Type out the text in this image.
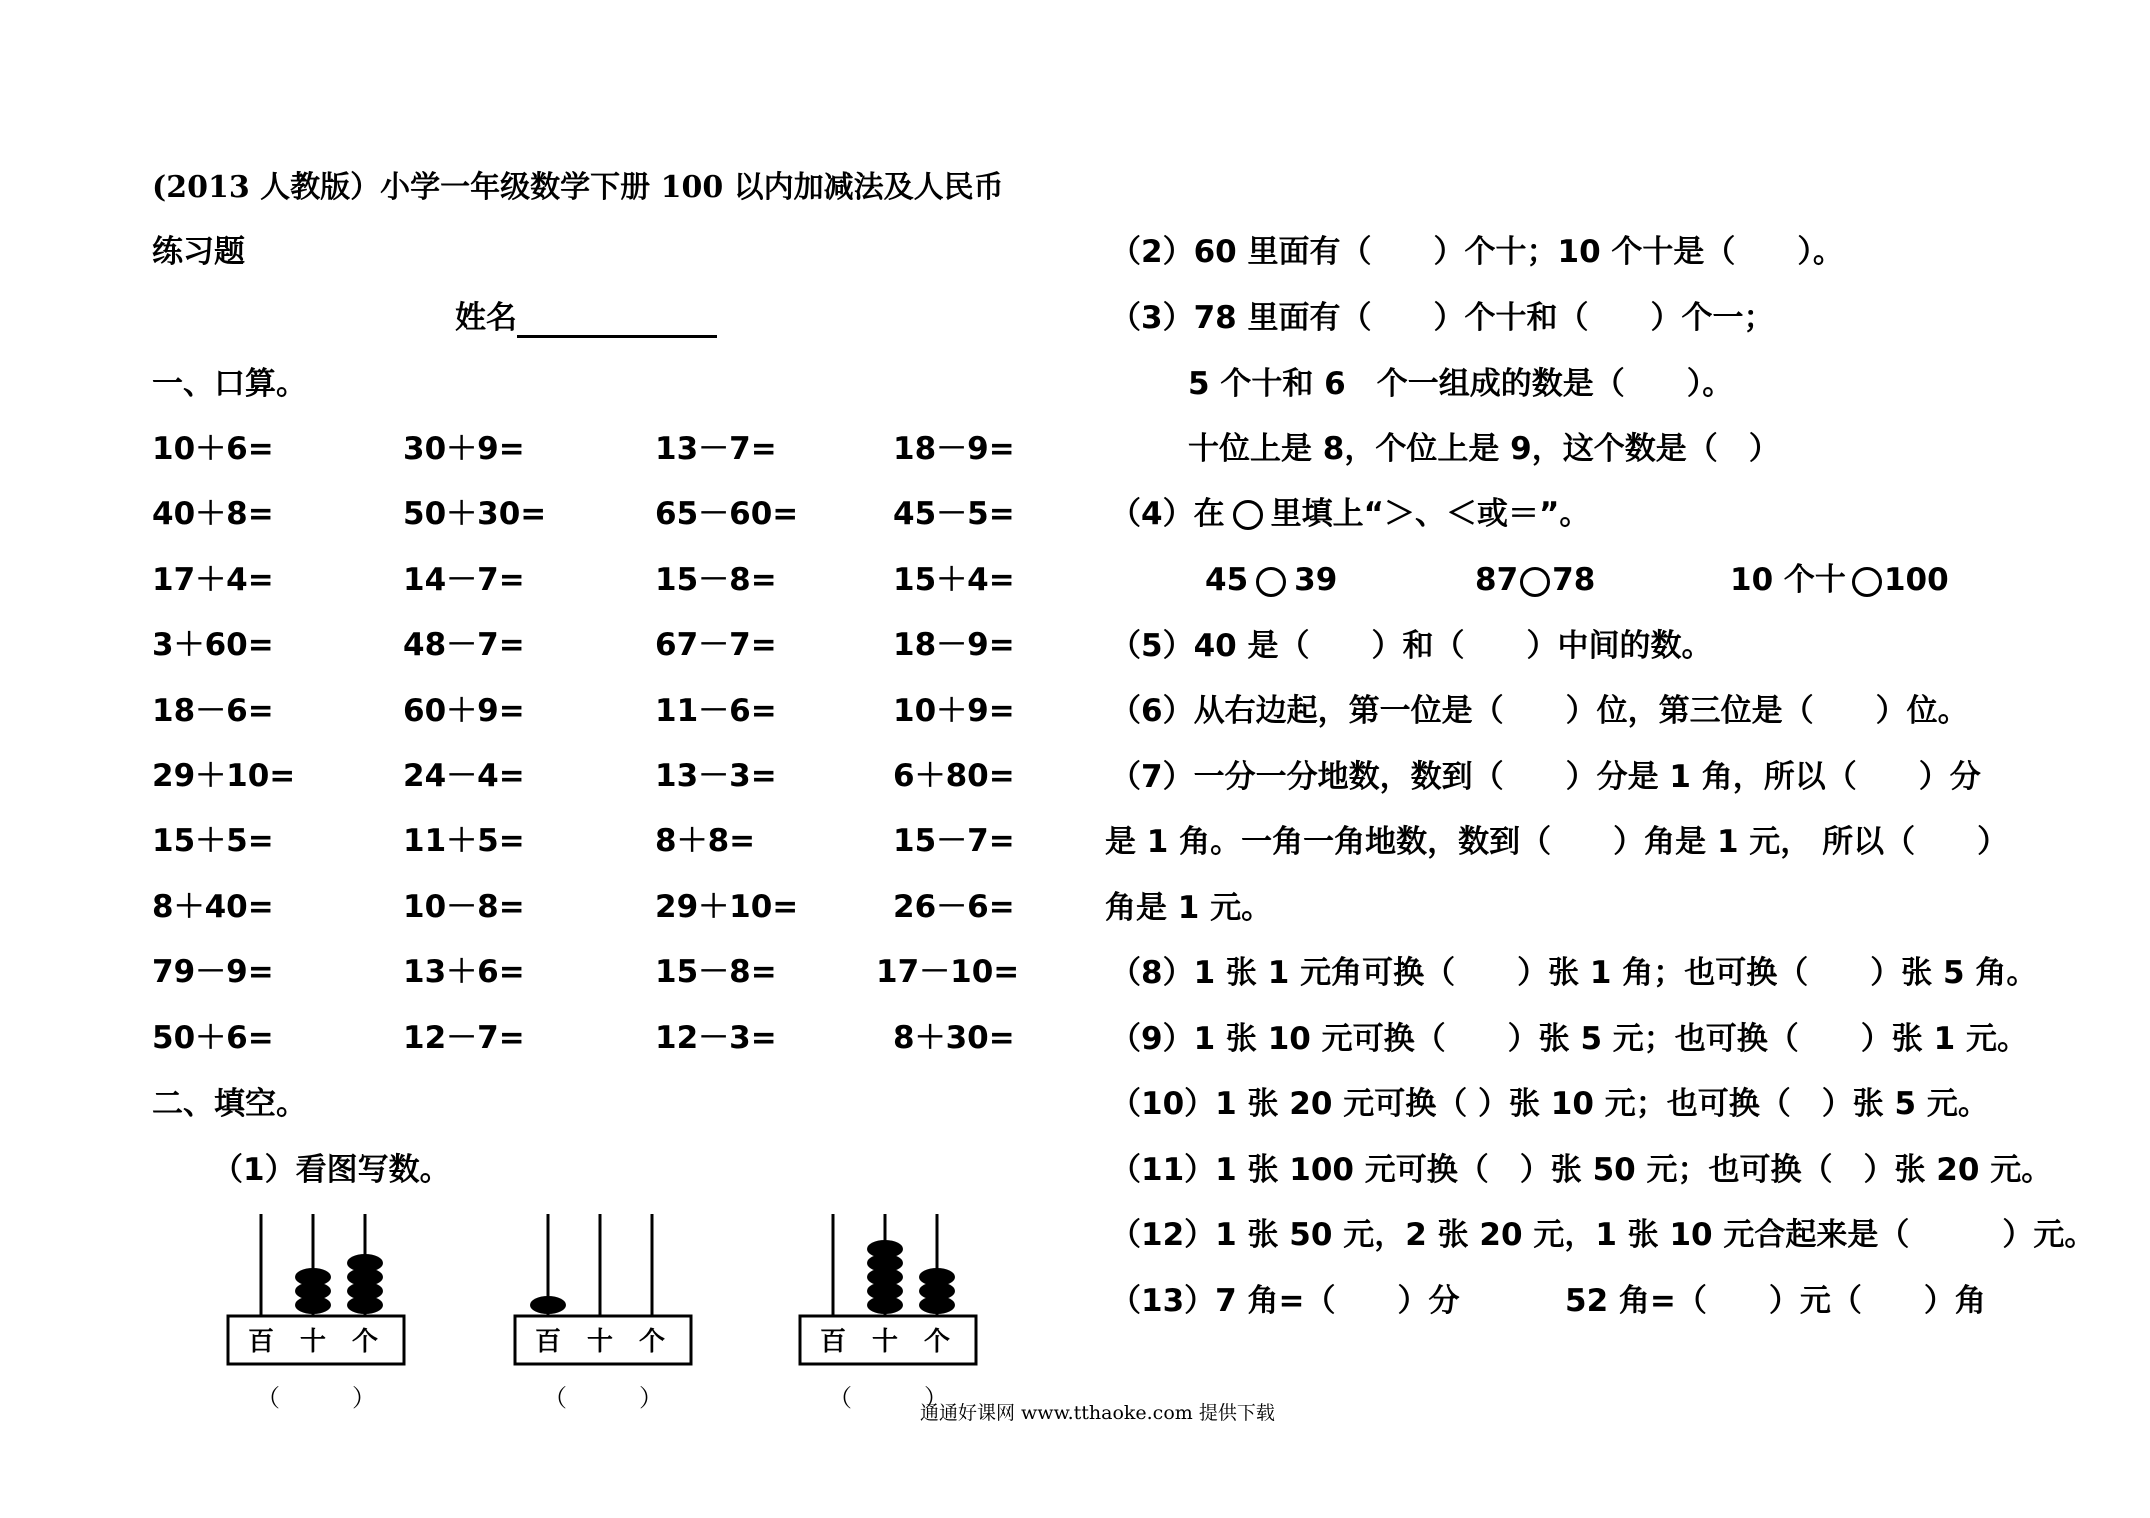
(2013 人教版）小学一年级数学下册 100 以内加减法及人民币
练习题
姓名
一、口算。
10＋6=	30＋9=	13－7=	18－9=
40＋8=	50＋30=	65－60=	45－5=
17＋4=	14－7=	15－8=	15＋4=
3＋60=	48－7=	67－7=	18－9=
18－6=	60＋9=	11－6=	10＋9=
29＋10=	24－4=	13－3=	6＋80=
15＋5=	11＋5=	8＋8=	15－7=
8＋40=	10－8=	29＋10=	26－6=
79－9=	13＋6=	15－8=	17－10=
50＋6=	12－7=	12－3=	8＋30=
二、填空。
（1）看图写数。
百 十 个
（　　　）
百 十 个
（　　　）
百 十 个
（　　　）
（2）60 里面有（　　）个十；10 个十是（　　）。
（3）78 里面有（　　）个十和（　　）个一；
5 个十和 6　个一组成的数是（　　）。
十位上是 8，个位上是 9，这个数是（　）
（4）在 里填上“＞、＜或＝”。
45 39	87 78	10 个十 100
（5）40 是（　　）和（　　）中间的数。
（6）从右边起，第一位是（　　）位，第三位是（　　）位。
（7）一分一分地数，数到（　　）分是 1 角，所以（　　）分
是 1 角。一角一角地数，数到（　　）角是 1 元， 所以（　　）
角是 1 元。
（8）1 张 1 元角可换（　　）张 1 角；也可换（　　）张 5 角。
（9）1 张 10 元可换（　　）张 5 元；也可换（　　）张 1 元。
（10）1 张 20 元可换（ ）张 10 元；也可换（　）张 5 元。
（11）1 张 100 元可换（　）张 50 元；也可换（　）张 20 元。
（12）1 张 50 元，2 张 20 元，1 张 10 元合起来是（　　　）元。
（13）7 角=（　　）分	52 角=（　　）元（　　）角
通通好课网 www.tthaoke.com 提供下载
